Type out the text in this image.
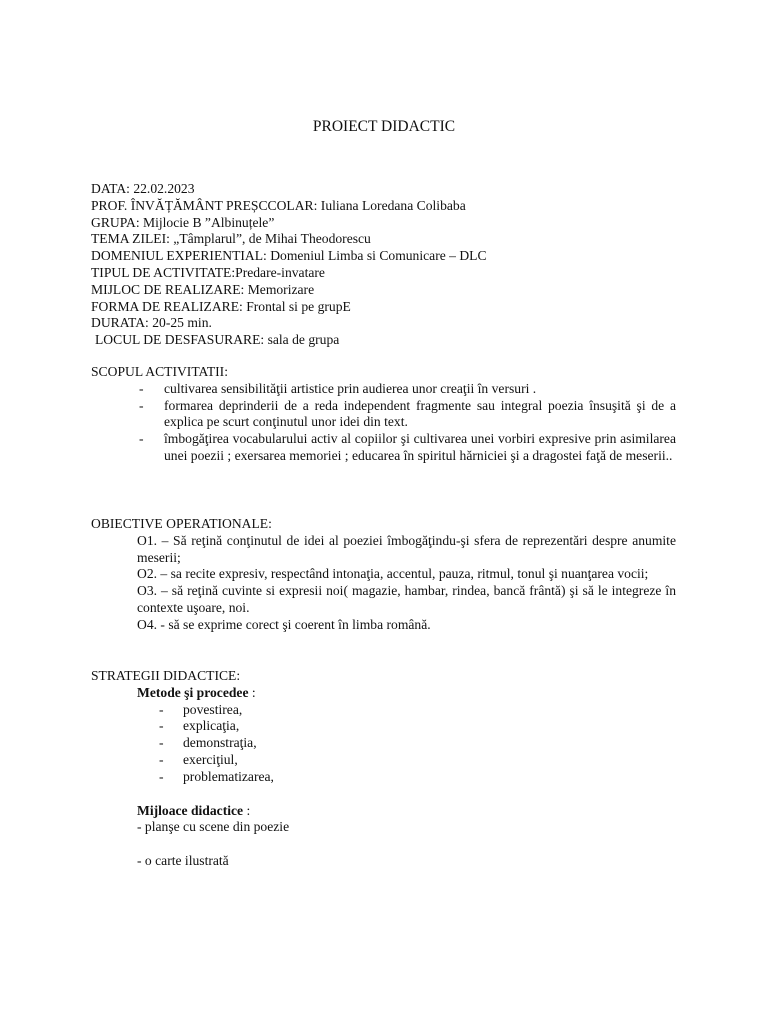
PROIECT DIDACTIC
DATA: 22.02.2023
PROF. ÎNVĂȚĂMÂNT PREȘCCOLAR: Iuliana Loredana Colibaba
GRUPA: Mijlocie B ”Albinuțele”
TEMA ZILEI: „Tâmplarul”, de Mihai Theodorescu
DOMENIUL EXPERIENTIAL: Domeniul Limba si Comunicare – DLC
TIPUL DE ACTIVITATE:Predare-invatare
MIJLOC DE REALIZARE: Memorizare
FORMA DE REALIZARE: Frontal si pe grupE
DURATA: 20-25 min.
LOCUL DE DESFASURARE: sala de grupa
SCOPUL ACTIVITATII:
- cultivarea sensibilităţii artistice prin audierea unor creaţii în versuri .
- formarea deprinderii de a reda independent fragmente sau integral poezia însuşită şi de a explica pe scurt conţinutul unor idei din text.
- îmbogăţirea vocabularului activ al copiilor şi cultivarea unei vorbiri expresive prin asimilarea unei poezii ; exersarea memoriei ; educarea în spiritul hărniciei şi a dragostei faţă de meserii..
OBIECTIVE OPERATIONALE:

O1. – Să reţină conţinutul de idei al poeziei îmbogăţindu-şi sfera de reprezentări despre anumite meserii;

O2. – sa recite expresiv, respectând intonaţia, accentul, pauza, ritmul, tonul şi nuanţarea vocii;

O3. – să reţină cuvinte si expresii noi( magazie, hambar, rindea, bancă frântă) şi să le integreze în contexte uşoare, noi.

O4. - să se exprime corect şi coerent în limba română.

STRATEGII DIDACTICE:
Metode şi procedee :
- povestirea,
- explicaţia,
- demonstraţia,
- exerciţiul,
- problematizarea,
Mijloace didactice :
- planşe cu scene din poezie
- o carte ilustrată
